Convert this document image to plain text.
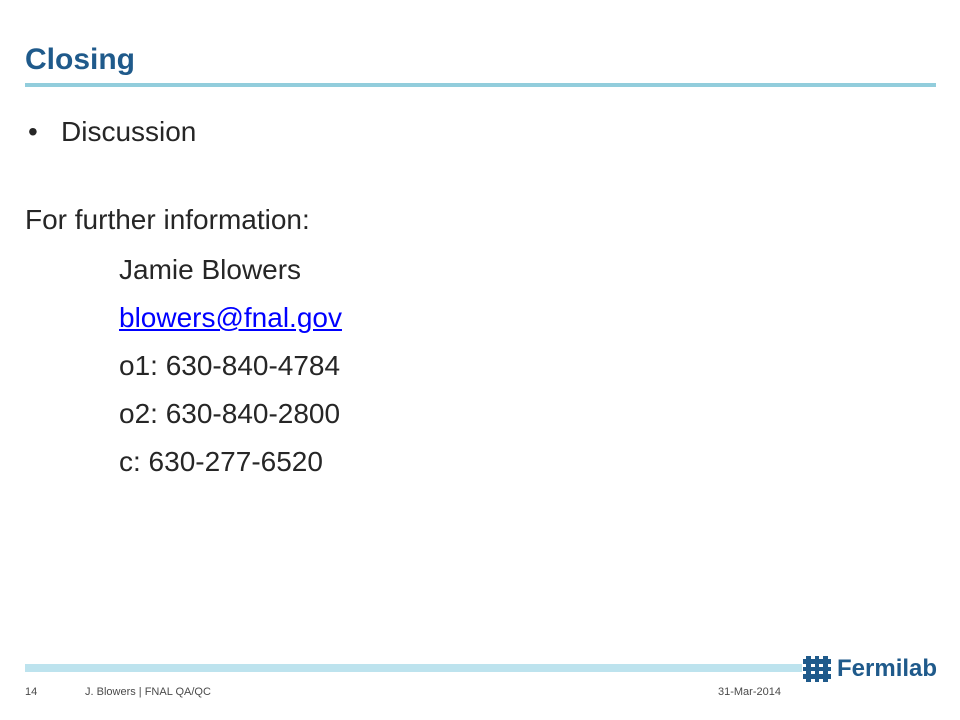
Closing
• Discussion
For further information:
Jamie Blowers
blowers@fnal.gov
o1: 630-840-4784
o2: 630-840-2800
c: 630-277-6520
Fermilab
14	J. Blowers | FNAL QA/QC	31-Mar-2014
